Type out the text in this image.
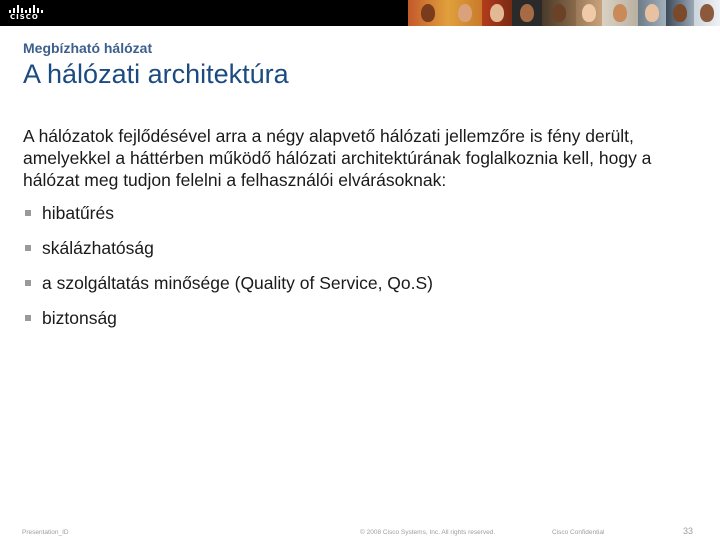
CISCO
Megbízható hálózat
A hálózati architektúra

A hálózatok fejlődésével arra a négy alapvető hálózati jellemzőre is fény derült, amelyekkel a háttérben működő hálózati architektúrának foglalkoznia kell, hogy a hálózat meg tudjon felelni a felhasználói elvárásoknak:

hibatűrés
skálázhatóság
a szolgáltatás minősége (Quality of Service, Qo.S)
biztonság
Presentation_ID	© 2008 Cisco Systems, Inc. All rights reserved.	Cisco Confidential	33
